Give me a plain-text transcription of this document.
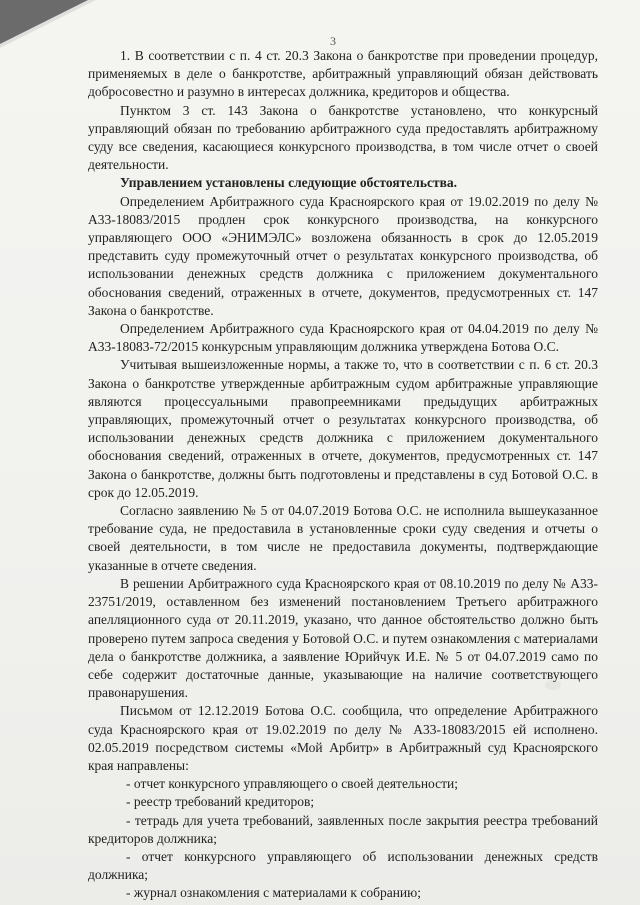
3

1. В соответствии с п. 4 ст. 20.3 Закона о банкротстве при проведении процедур, применяемых в деле о банкротстве, арбитражный управляющий обязан действовать добросовестно и разумно в интересах должника, кредиторов и общества.

Пунктом 3 ст. 143 Закона о банкротстве установлено, что конкурсный управляющий обязан по требованию арбитражного суда предоставлять арбитражному суду все сведения, касающиеся конкурсного производства, в том числе отчет о своей деятельности.

Управлением установлены следующие обстоятельства.

Определением Арбитражного суда Красноярского края от 19.02.2019 по делу № А33-18083/2015 продлен срок конкурсного производства, на конкурсного управляющего ООО «ЭНИМЭЛС» возложена обязанность в срок до 12.05.2019 представить суду промежуточный отчет о результатах конкурсного производства, об использовании денежных средств должника с приложением документального обоснования сведений, отраженных в отчете, документов, предусмотренных ст. 147 Закона о банкротстве.

Определением Арбитражного суда Красноярского края от 04.04.2019 по делу № А33-18083-72/2015 конкурсным управляющим должника утверждена Ботова О.С.

Учитывая вышеизложенные нормы, а также то, что в соответствии с п. 6 ст. 20.3 Закона о банкротстве утвержденные арбитражным судом арбитражные управляющие являются процессуальными правопреемниками предыдущих арбитражных управляющих, промежуточный отчет о результатах конкурсного производства, об использовании денежных средств должника с приложением документального обоснования сведений, отраженных в отчете, документов, предусмотренных ст. 147 Закона о банкротстве, должны быть подготовлены и представлены в суд Ботовой О.С. в срок до 12.05.2019.

Согласно заявлению № 5 от 04.07.2019 Ботова О.С. не исполнила вышеуказанное требование суда, не предоставила в установленные сроки суду сведения и отчеты о своей деятельности, в том числе не предоставила документы, подтверждающие указанные в отчете сведения.

В решении Арбитражного суда Красноярского края от 08.10.2019 по делу № А33-23751/2019, оставленном без изменений постановлением Третьего арбитражного апелляционного суда от 20.11.2019, указано, что данное обстоятельство должно быть проверено путем запроса сведения у Ботовой О.С. и путем ознакомления с материалами дела о банкротстве должника, а заявление Юрийчук И.Е. № 5 от 04.07.2019 само по себе содержит достаточные данные, указывающие на наличие соответствующего правонарушения.

Письмом от 12.12.2019 Ботова О.С. сообщила, что определение Арбитражного суда Красноярского края от 19.02.2019 по делу № А33-18083/2015 ей исполнено. 02.05.2019 посредством системы «Мой Арбитр» в Арбитражный суд Красноярского края направлены:

- отчет конкурсного управляющего о своей деятельности;
- реестр требований кредиторов;
- тетрадь для учета требований, заявленных после закрытия реестра требований кредиторов должника;
- отчет конкурсного управляющего об использовании денежных средств должника;
- журнал ознакомления с материалами к собранию;
